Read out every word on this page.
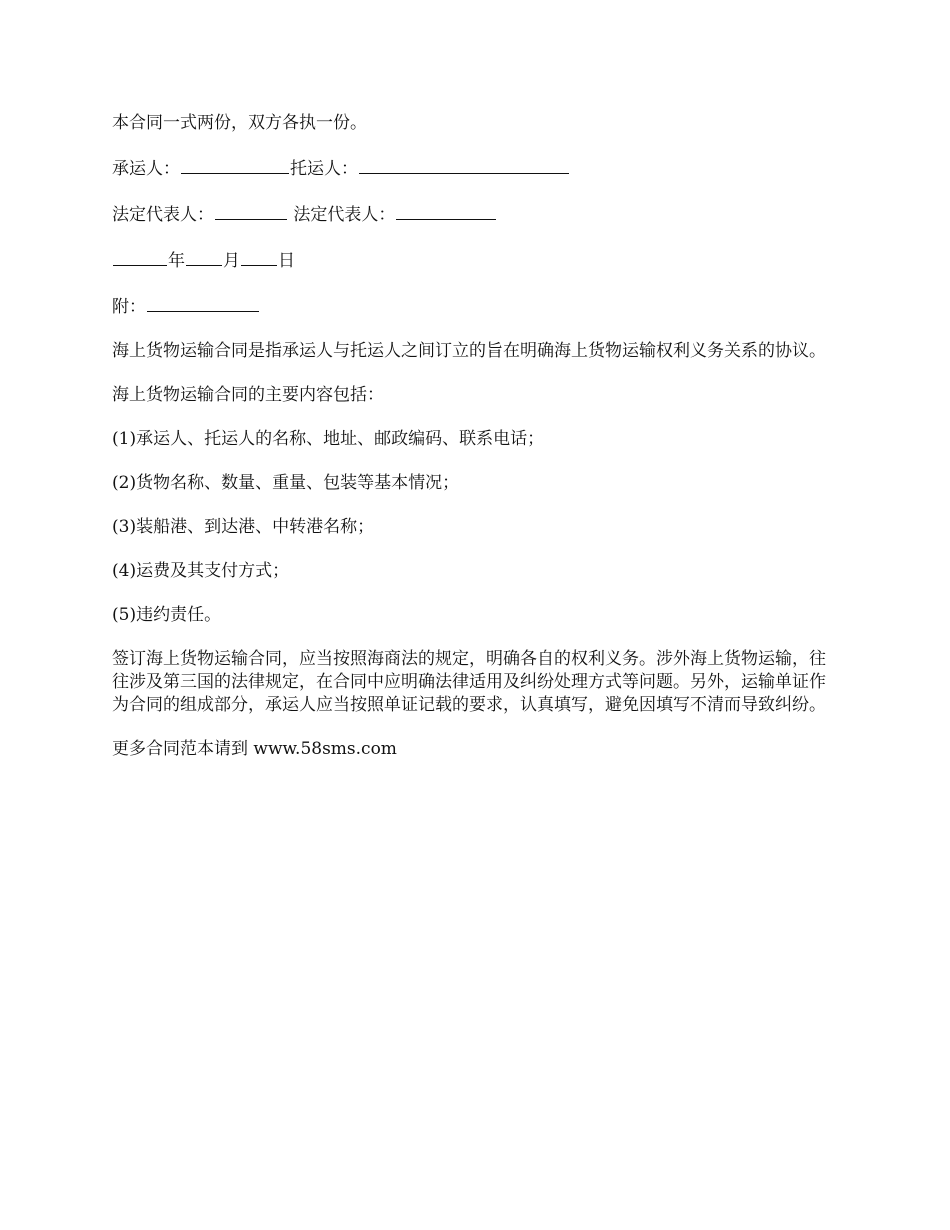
本合同一式两份，双方各执一份。

承运人：	托运人：

法定代表人：	法定代表人：

年 月 日

附：

海上货物运输合同是指承运人与托运人之间订立的旨在明确海上货物运输权利义务关系的协议。

海上货物运输合同的主要内容包括：

(1)承运人、托运人的名称、地址、邮政编码、联系电话；

(2)货物名称、数量、重量、包装等基本情况；

(3)装船港、到达港、中转港名称；

(4)运费及其支付方式；

(5)违约责任。

签订海上货物运输合同，应当按照海商法的规定，明确各自的权利义务。涉外海上货物运输，往往涉及第三国的法律规定，在合同中应明确法律适用及纠纷处理方式等问题。另外，运输单证作为合同的组成部分，承运人应当按照单证记载的要求，认真填写，避免因填写不清而导致纠纷。

更多合同范本请到 www.58sms.com
